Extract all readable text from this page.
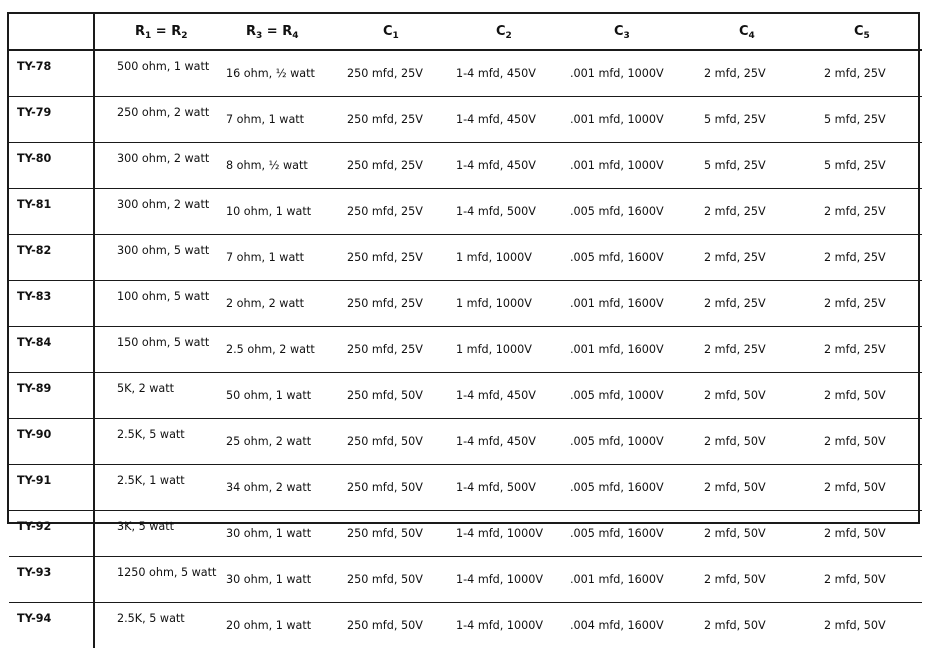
	$R_1 = R_2$	$R_3 = R_4$	$C_1$	$C_2$	$C_3$	$C_4$	$C_5$
TY-78	500 ohm, 1 watt	16 ohm, ½ watt	250 mfd, 25V	1-4 mfd, 450V	.001 mfd, 1000V	2 mfd, 25V	2 mfd, 25V
TY-79	250 ohm, 2 watt	7 ohm, 1 watt	250 mfd, 25V	1-4 mfd, 450V	.001 mfd, 1000V	5 mfd, 25V	5 mfd, 25V
TY-80	300 ohm, 2 watt	8 ohm, ½ watt	250 mfd, 25V	1-4 mfd, 450V	.001 mfd, 1000V	5 mfd, 25V	5 mfd, 25V
TY-81	300 ohm, 2 watt	10 ohm, 1 watt	250 mfd, 25V	1-4 mfd, 500V	.005 mfd, 1600V	2 mfd, 25V	2 mfd, 25V
TY-82	300 ohm, 5 watt	7 ohm, 1 watt	250 mfd, 25V	1 mfd, 1000V	.005 mfd, 1600V	2 mfd, 25V	2 mfd, 25V
TY-83	100 ohm, 5 watt	2 ohm, 2 watt	250 mfd, 25V	1 mfd, 1000V	.001 mfd, 1600V	2 mfd, 25V	2 mfd, 25V
TY-84	150 ohm, 5 watt	2.5 ohm, 2 watt	250 mfd, 25V	1 mfd, 1000V	.001 mfd, 1600V	2 mfd, 25V	2 mfd, 25V
TY-89	5K, 2 watt	50 ohm, 1 watt	250 mfd, 50V	1-4 mfd, 450V	.005 mfd, 1000V	2 mfd, 50V	2 mfd, 50V
TY-90	2.5K, 5 watt	25 ohm, 2 watt	250 mfd, 50V	1-4 mfd, 450V	.005 mfd, 1000V	2 mfd, 50V	2 mfd, 50V
TY-91	2.5K, 1 watt	34 ohm, 2 watt	250 mfd, 50V	1-4 mfd, 500V	.005 mfd, 1600V	2 mfd, 50V	2 mfd, 50V
TY-92	3K, 5 watt	30 ohm, 1 watt	250 mfd, 50V	1-4 mfd, 1000V	.005 mfd, 1600V	2 mfd, 50V	2 mfd, 50V
TY-93	1250 ohm, 5 watt	30 ohm, 1 watt	250 mfd, 50V	1-4 mfd, 1000V	.001 mfd, 1600V	2 mfd, 50V	2 mfd, 50V
TY-94	2.5K, 5 watt	20 ohm, 1 watt	250 mfd, 50V	1-4 mfd, 1000V	.004 mfd, 1600V	2 mfd, 50V	2 mfd, 50V
